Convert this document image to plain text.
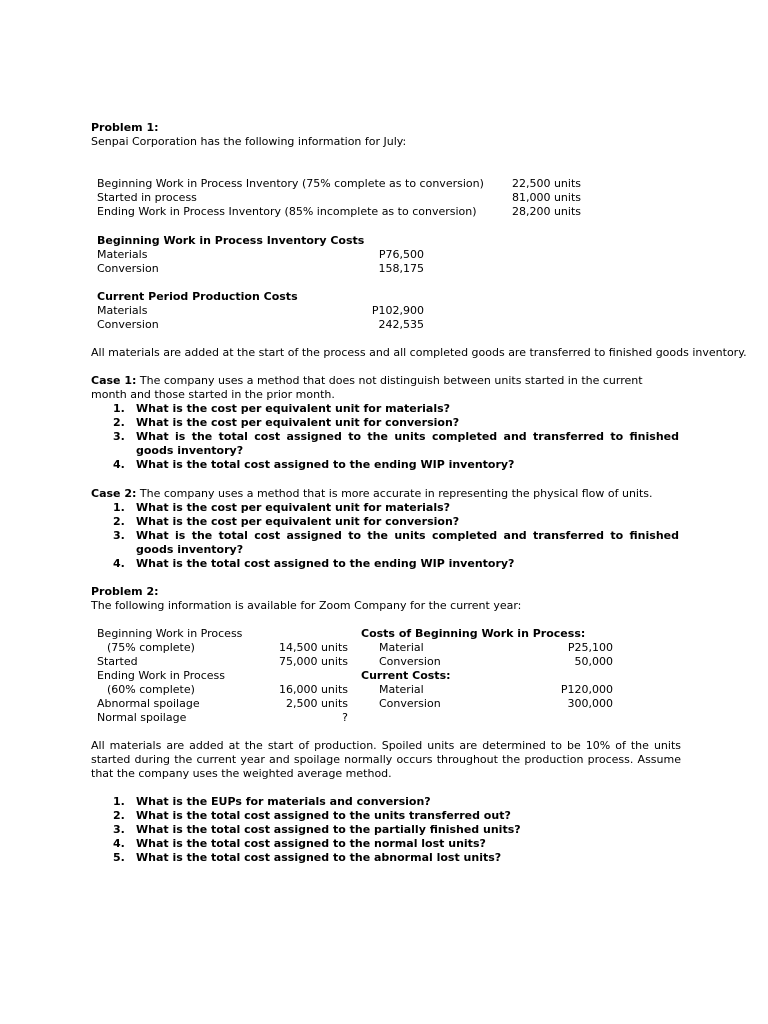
Problem 1:
Senpai Corporation has the following information for July:
Beginning Work in Process Inventory (75% complete as to conversion)	22,500 units
Started in process	81,000 units
Ending Work in Process Inventory (85% incomplete as to conversion)	28,200 units
Beginning Work in Process Inventory Costs
Materials	P76,500
Conversion	158,175
Current Period Production Costs
Materials	P102,900
Conversion	242,535
All materials are added at the start of the process and all completed goods are transferred to finished goods inventory.
Case 1: The company uses a method that does not distinguish between units started in the current month and those started in the prior month.
1. What is the cost per equivalent unit for materials?
2. What is the cost per equivalent unit for conversion?
3. What is the total cost assigned to the units completed and transferred to finished goods inventory?
4. What is the total cost assigned to the ending WIP inventory?
Case 2: The company uses a method that is more accurate in representing the physical flow of units.
1. What is the cost per equivalent unit for materials?
2. What is the cost per equivalent unit for conversion?
3. What is the total cost assigned to the units completed and transferred to finished goods inventory?
4. What is the total cost assigned to the ending WIP inventory?
Problem 2:
The following information is available for Zoom Company for the current year:
Beginning Work in Process
(75% complete)	14,500 units
Started	75,000 units
Ending Work in Process
(60% complete)	16,000 units
Abnormal spoilage	2,500 units
Normal spoilage	?
Costs of Beginning Work in Process:
Material	P25,100
Conversion	50,000
Current Costs:
Material	P120,000
Conversion	300,000
All materials are added at the start of production. Spoiled units are determined to be 10% of the units started during the current year and spoilage normally occurs throughout the production process. Assume that the company uses the weighted average method.
1. What is the EUPs for materials and conversion?
2. What is the total cost assigned to the units transferred out?
3. What is the total cost assigned to the partially finished units?
4. What is the total cost assigned to the normal lost units?
5. What is the total cost assigned to the abnormal lost units?
